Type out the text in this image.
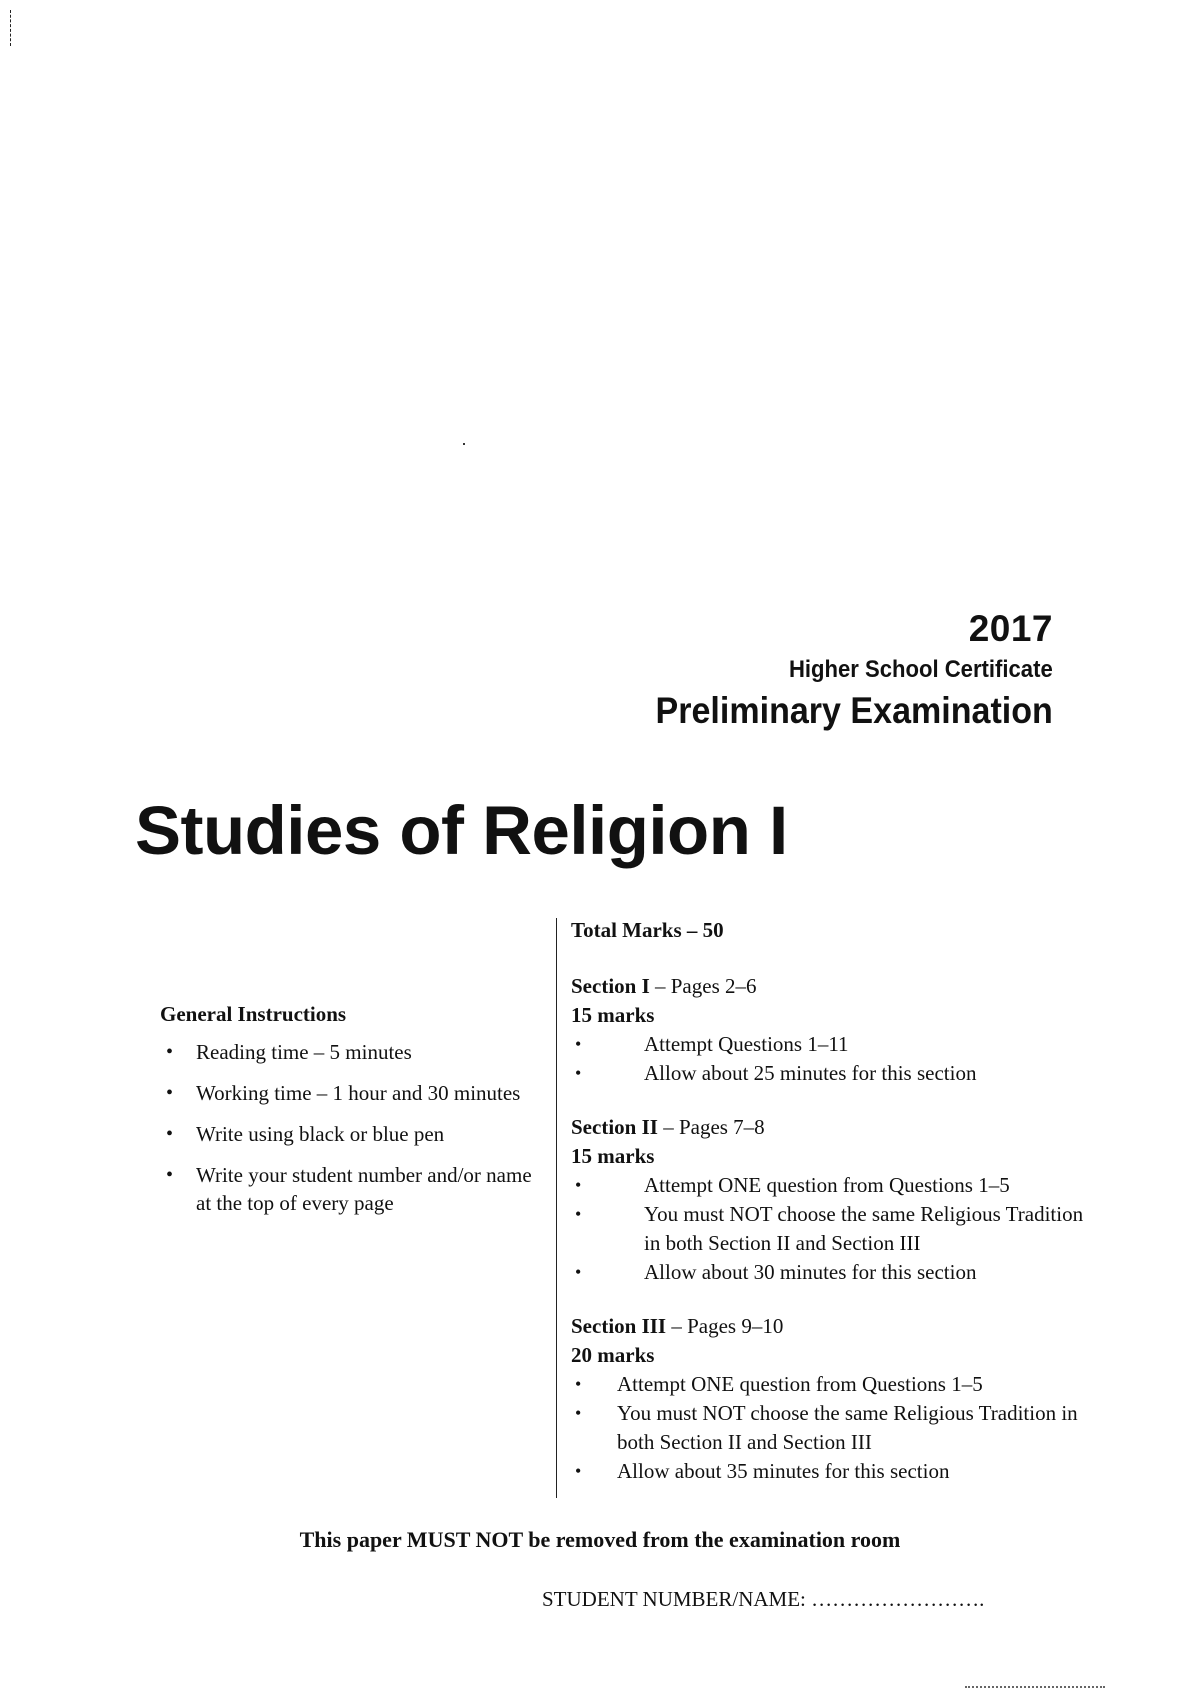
2017
Higher School Certificate
Preliminary Examination
Studies of Religion I
General Instructions
• Reading time – 5 minutes
• Working time – 1 hour and 30 minutes
• Write using black or blue pen
• Write your student number and/or name at the top of every page
Total Marks – 50
Section I – Pages 2–6
15 marks
• Attempt Questions 1–11
• Allow about 25 minutes for this section
Section II – Pages 7–8
15 marks
• Attempt ONE question from Questions 1–5
• You must NOT choose the same Religious Tradition in both Section II and Section III
• Allow about 30 minutes for this section
Section III – Pages 9–10
20 marks
• Attempt ONE question from Questions 1–5
• You must NOT choose the same Religious Tradition in both Section II and Section III
• Allow about 35 minutes for this section
This paper MUST NOT be removed from the examination room
STUDENT NUMBER/NAME: …………………….
